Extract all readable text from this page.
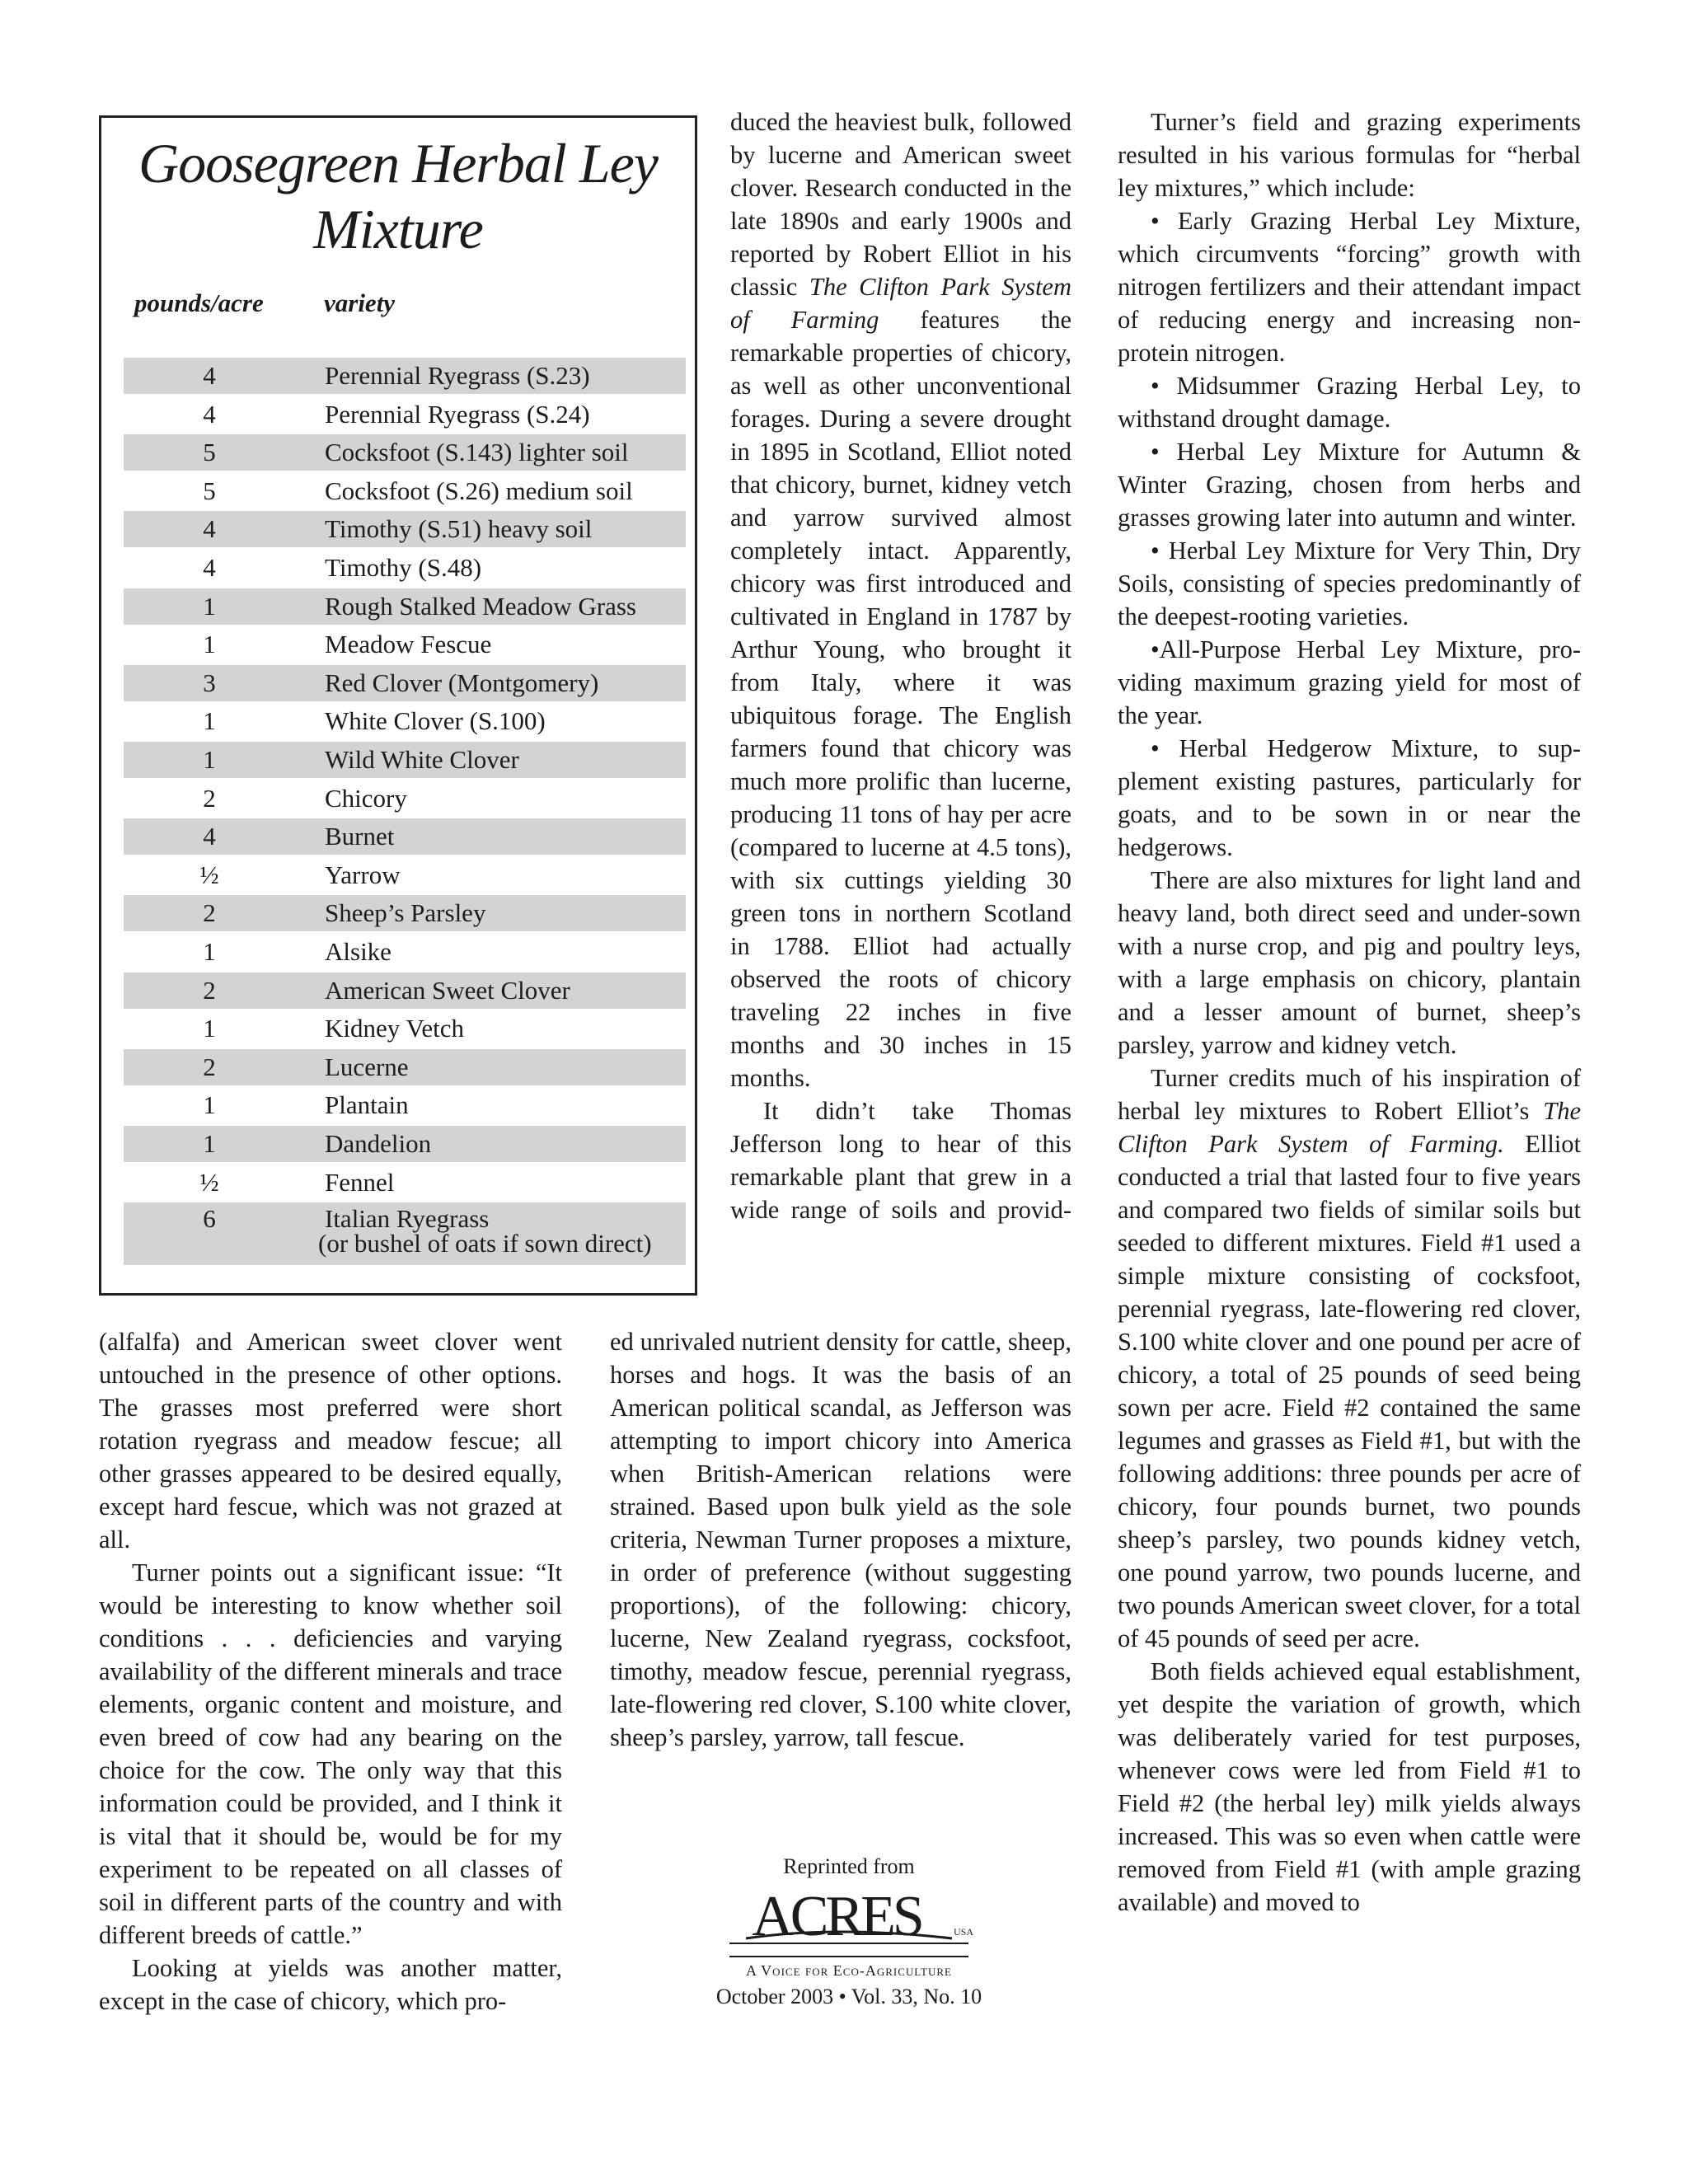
Goosegreen Herbal Ley Mixture
pounds/acre variety
4	Perennial Ryegrass (S.23)
4	Perennial Ryegrass (S.24)
5	Cocksfoot (S.143) lighter soil
5	Cocksfoot (S.26) medium soil
4	Timothy (S.51) heavy soil
4	Timothy (S.48)
1	Rough Stalked Meadow Grass
1	Meadow Fescue
3	Red Clover (Montgomery)
1	White Clover (S.100)
1	Wild White Clover
2	Chicory
4	Burnet
½	Yarrow
2	Sheep’s Parsley
1	Alsike
2	American Sweet Clover
1	Kidney Vetch
2	Lucerne
1	Plantain
1	Dandelion
½	Fennel
6	Italian Ryegrass
(or bushel of oats if sown direct)

(alfalfa) and American sweet clover went untouched in the presence of other options. The grasses most preferred were short rotation ryegrass and meadow fescue; all other grasses appeared to be desired equally, except hard fescue, which was not grazed at all.

Turner points out a significant issue: “It would be interesting to know whether soil conditions . . . deficiencies and varying availability of the different minerals and trace elements, organic content and moisture, and even breed of cow had any bearing on the choice for the cow. The only way that this information could be provided, and I think it is vital that it should be, would be for my experiment to be repeated on all classes of soil in different parts of the country and with different breeds of cattle.”

Looking at yields was another matter, except in the case of chicory, which pro-

duced the heaviest bulk, followed by lucerne and American sweet clover. Research conducted in the late 1890s and early 1900s and reported by Robert Elliot in his classic The Clifton Park System of Farming features the remarkable properties of chicory, as well as other unconventional forages. During a severe drought in 1895 in Scotland, Elliot noted that chicory, burnet, kidney vetch and yarrow survived almost completely intact. Apparently, chicory was first introduced and cultivated in England in 1787 by Arthur Young, who brought it from Italy, where it was ubiquitous forage. The English farmers found that chicory was much more prolific than lucerne, producing 11 tons of hay per acre (compared to lucerne at 4.5 tons), with six cuttings yielding 30 green tons in northern Scotland in 1788. Elliot had actually observed the roots of chicory traveling 22 inches in five months and 30 inches in 15 months.

It didn’t take Thomas Jefferson long to hear of this remarkable plant that grew in a wide range of soils and provid-

ed unrivaled nutrient density for cattle, sheep, horses and hogs. It was the basis of an American political scandal, as Jefferson was attempting to import chicory into America when British-American relations were strained. Based upon bulk yield as the sole criteria, Newman Turner proposes a mixture, in order of preference (without suggesting proportions), of the following: chicory, lucerne, New Zealand ryegrass, cocksfoot, timothy, meadow fescue, perennial ryegrass, late-flowering red clover, S.100 white clover, sheep’s parsley, yarrow, tall fescue.

Turner’s field and grazing experiments resulted in his various formulas for “herbal ley mixtures,” which include:

• Early Grazing Herbal Ley Mixture, which circumvents “forcing” growth with nitrogen fertilizers and their attendant impact of reducing energy and increasing non-protein nitrogen.

• Midsummer Grazing Herbal Ley, to withstand drought damage.

• Herbal Ley Mixture for Autumn & Winter Grazing, chosen from herbs and grasses growing later into autumn and winter.

• Herbal Ley Mixture for Very Thin, Dry Soils, consisting of species predominantly of the deepest-rooting varieties.

•All-Purpose Herbal Ley Mixture, providing maximum grazing yield for most of the year.

• Herbal Hedgerow Mixture, to supplement existing pastures, particularly for goats, and to be sown in or near the hedgerows.

There are also mixtures for light land and heavy land, both direct seed and under-sown with a nurse crop, and pig and poultry leys, with a large emphasis on chicory, plantain and a lesser amount of burnet, sheep’s parsley, yarrow and kidney vetch.

Turner credits much of his inspiration of herbal ley mixtures to Robert Elliot’s The Clifton Park System of Farming. Elliot conducted a trial that lasted four to five years and compared two fields of similar soils but seeded to different mixtures. Field #1 used a simple mixture consisting of cocksfoot, perennial ryegrass, late-flowering red clover, S.100 white clover and one pound per acre of chicory, a total of 25 pounds of seed being sown per acre. Field #2 contained the same legumes and grasses as Field #1, but with the following additions: three pounds per acre of chicory, four pounds burnet, two pounds sheep’s parsley, two pounds kidney vetch, one pound yarrow, two pounds lucerne, and two pounds American sweet clover, for a total of 45 pounds of seed per acre.

Both fields achieved equal establishment, yet despite the variation of growth, which was deliberately varied for test purposes, whenever cows were led from Field #1 to Field #2 (the herbal ley) milk yields always increased. This was so even when cattle were removed from Field #1 (with ample grazing available) and moved to

Reprinted from
ACRES	USA
A Voice for Eco-Agriculture
October 2003 • Vol. 33, No. 10
